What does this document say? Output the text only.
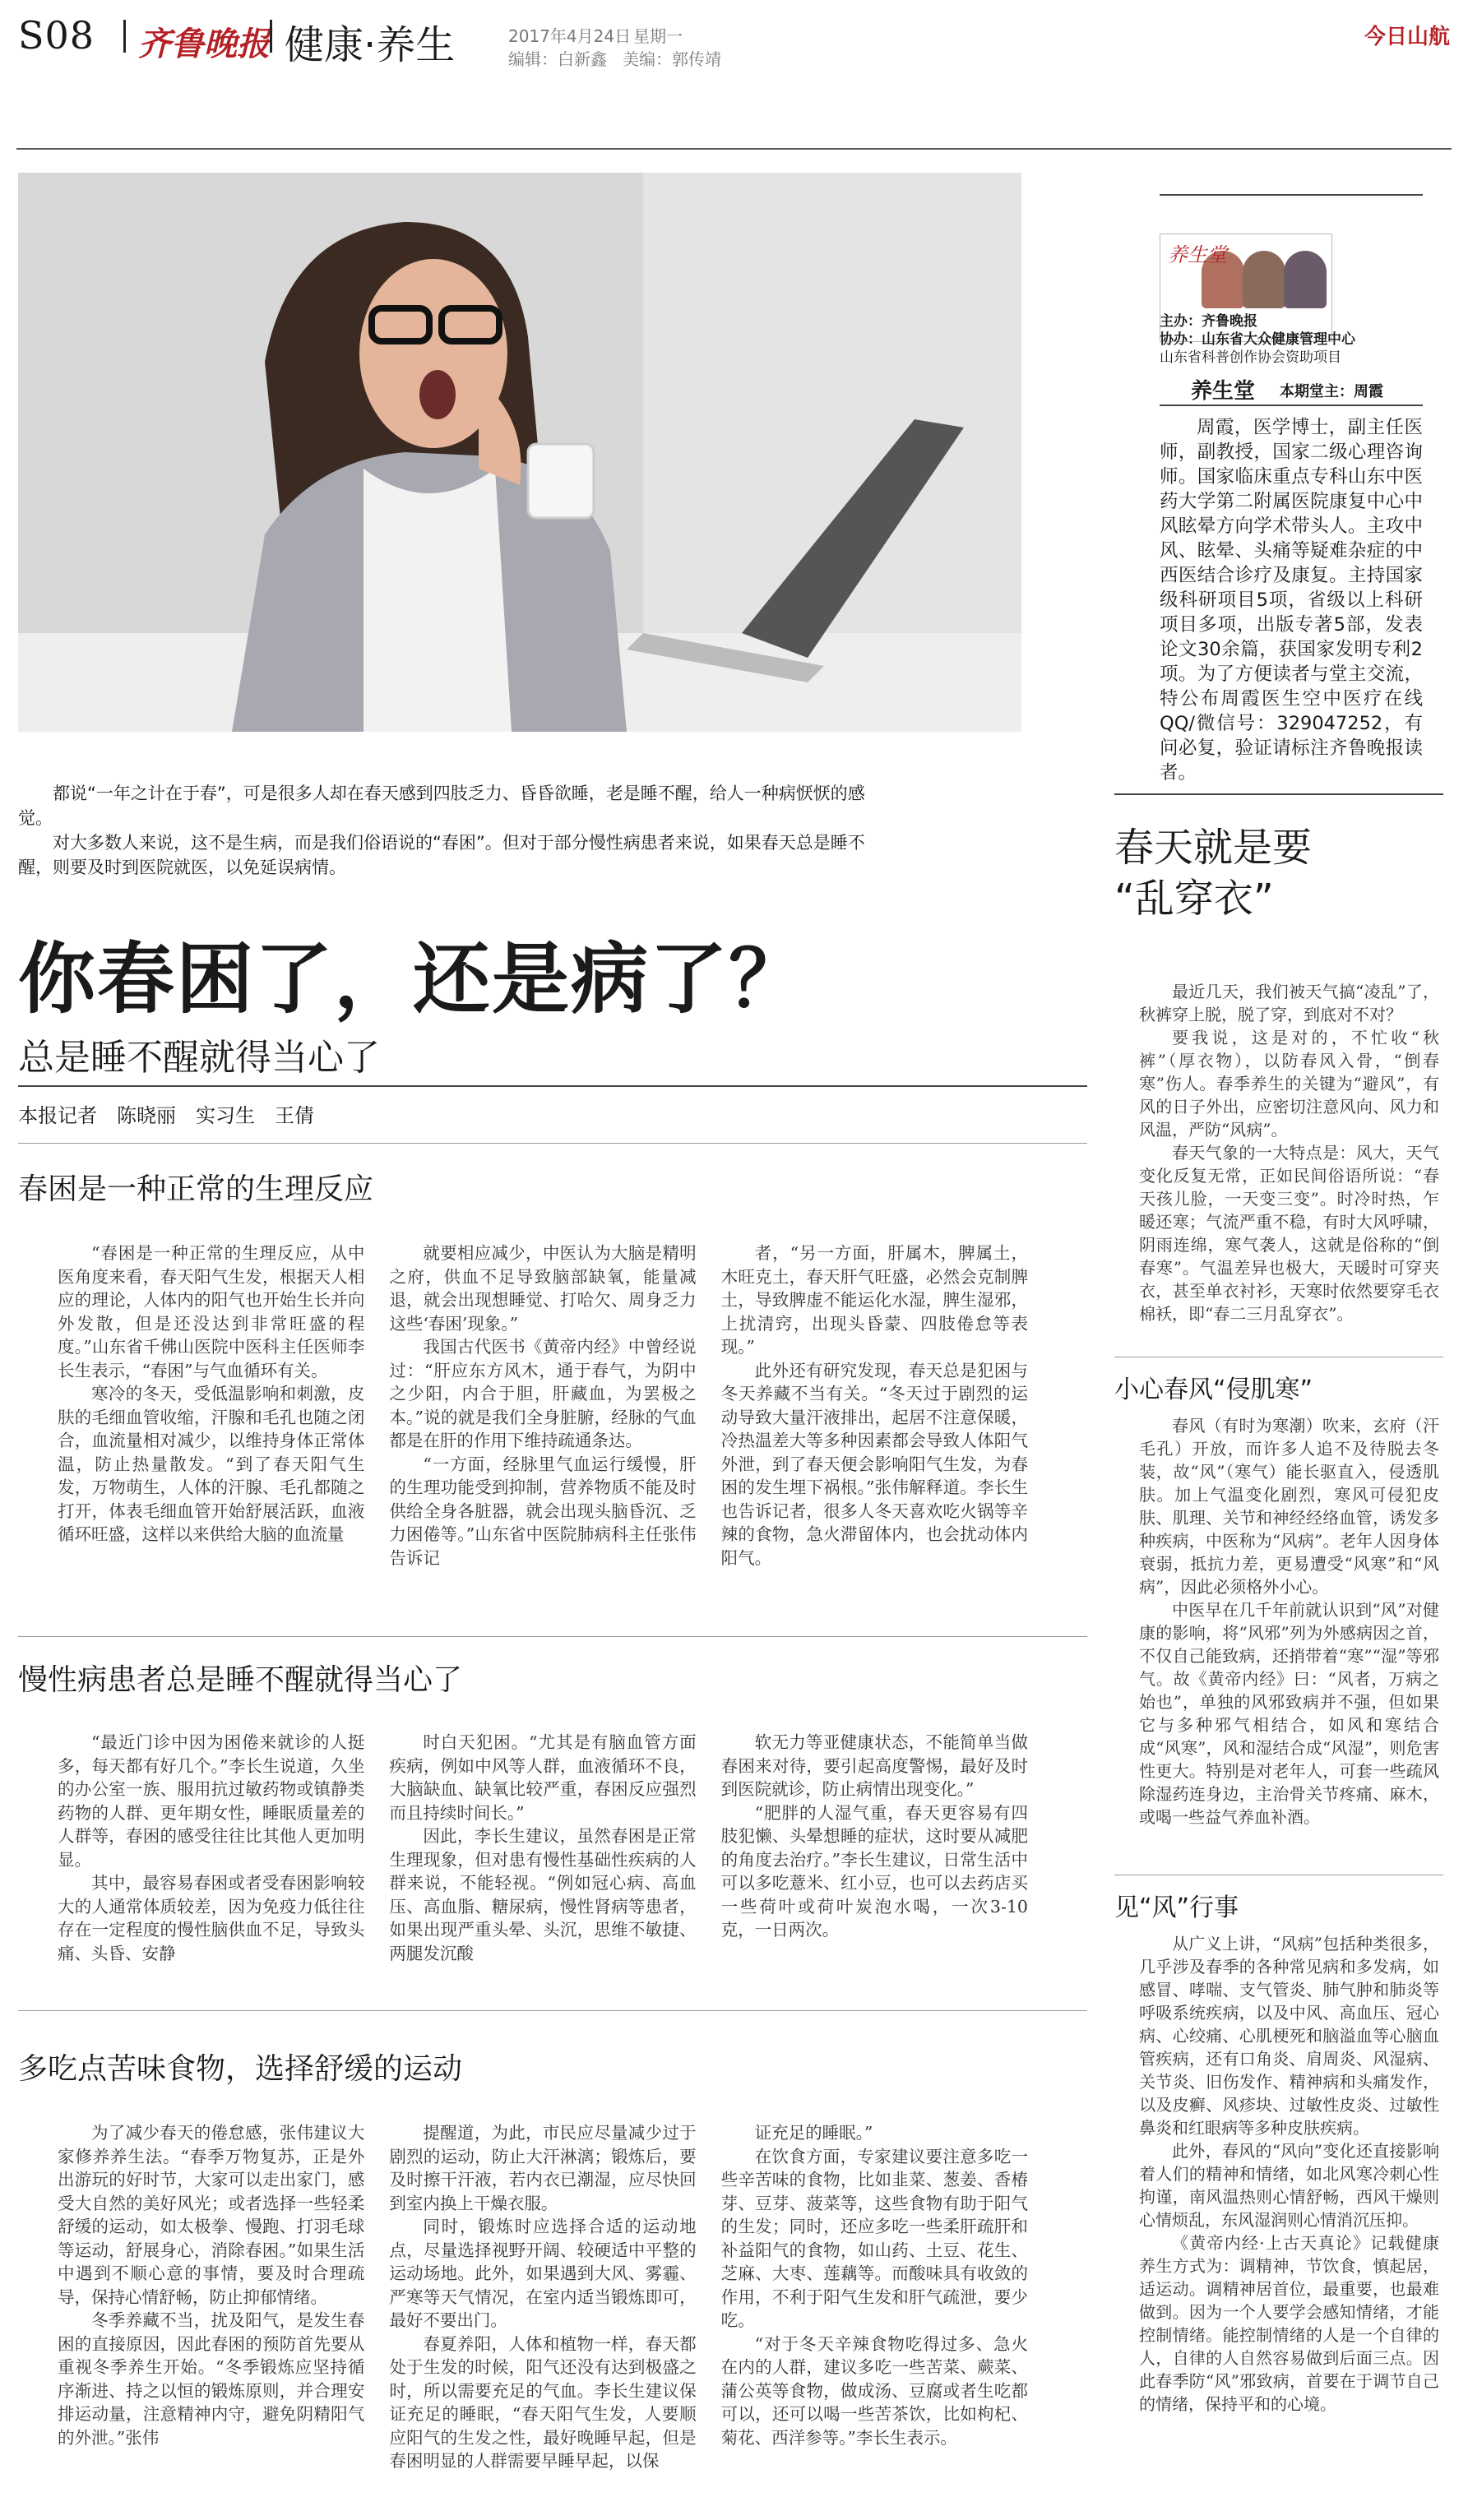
S08 齐鲁晚报 健康·养生	2017年4月24日 星期一
编辑：白新鑫 美编：郭传靖
今日山航

都说“一年之计在于春”，可是很多人却在春天感到四肢乏力、昏昏欲睡，老是睡不醒，给人一种病恹恹的感觉。

对大多数人来说，这不是生病，而是我们俗语说的“春困”。但对于部分慢性病患者来说，如果春天总是睡不醒，则要及时到医院就医，以免延误病情。

你春困了，还是病了？
总是睡不醒就得当心了
本报记者　陈晓丽　实习生　王倩
春困是一种正常的生理反应

“春困是一种正常的生理反应，从中医角度来看，春天阳气生发，根据天人相应的理论，人体内的阳气也开始生长并向外发散，但是还没达到非常旺盛的程度。”山东省千佛山医院中医科主任医师李长生表示，“春困”与气血循环有关。

寒冷的冬天，受低温影响和刺激，皮肤的毛细血管收缩，汗腺和毛孔也随之闭合，血流量相对减少，以维持身体正常体温，防止热量散发。“到了春天阳气生发，万物萌生，人体的汗腺、毛孔都随之打开，体表毛细血管开始舒展活跃，血液循环旺盛，这样以来供给大脑的血流量

就要相应减少，中医认为大脑是精明之府，供血不足导致脑部缺氧，能量减退，就会出现想睡觉、打哈欠、周身乏力这些‘春困’现象。”

我国古代医书《黄帝内经》中曾经说过：“肝应东方风木，通于春气，为阴中之少阳，内合于胆，肝藏血，为罢极之本。”说的就是我们全身脏腑，经脉的气血都是在肝的作用下维持疏通条达。

“一方面，经脉里气血运行缓慢，肝的生理功能受到抑制，营养物质不能及时供给全身各脏器，就会出现头脑昏沉、乏力困倦等。”山东省中医院肺病科主任张伟告诉记

者，“另一方面，肝属木，脾属土，木旺克土，春天肝气旺盛，必然会克制脾土，导致脾虚不能运化水湿，脾生湿邪，上扰清窍，出现头昏蒙、四肢倦怠等表现。”

此外还有研究发现，春天总是犯困与冬天养藏不当有关。“冬天过于剧烈的运动导致大量汗液排出，起居不注意保暖，冷热温差大等多种因素都会导致人体阳气外泄，到了春天便会影响阳气生发，为春困的发生埋下祸根。”张伟解释道。李长生也告诉记者，很多人冬天喜欢吃火锅等辛辣的食物，急火滞留体内，也会扰动体内阳气。

慢性病患者总是睡不醒就得当心了

“最近门诊中因为困倦来就诊的人挺多，每天都有好几个。”李长生说道，久坐的办公室一族、服用抗过敏药物或镇静类药物的人群、更年期女性，睡眠质量差的人群等，春困的感受往往比其他人更加明显。

其中，最容易春困或者受春困影响较大的人通常体质较差，因为免疫力低往往存在一定程度的慢性脑供血不足，导致头痛、头昏、安静

时白天犯困。“尤其是有脑血管方面疾病，例如中风等人群，血液循环不良，大脑缺血、缺氧比较严重，春困反应强烈而且持续时间长。”

因此，李长生建议，虽然春困是正常生理现象，但对患有慢性基础性疾病的人群来说，不能轻视。“例如冠心病、高血压、高血脂、糖尿病，慢性肾病等患者，如果出现严重头晕、头沉，思维不敏捷、两腿发沉酸

软无力等亚健康状态，不能简单当做春困来对待，要引起高度警惕，最好及时到医院就诊，防止病情出现变化。”

“肥胖的人湿气重，春天更容易有四肢犯懒、头晕想睡的症状，这时要从减肥的角度去治疗。”李长生建议，日常生活中可以多吃薏米、红小豆，也可以去药店买一些荷叶或荷叶炭泡水喝，一次3-10克，一日两次。

多吃点苦味食物，选择舒缓的运动

为了减少春天的倦怠感，张伟建议大家修养养生法。“春季万物复苏，正是外出游玩的好时节，大家可以走出家门，感受大自然的美好风光；或者选择一些轻柔舒缓的运动，如太极拳、慢跑、打羽毛球等运动，舒展身心，消除春困。”如果生活中遇到不顺心意的事情，要及时合理疏导，保持心情舒畅，防止抑郁情绪。

冬季养藏不当，扰及阳气，是发生春困的直接原因，因此春困的预防首先要从重视冬季养生开始。“冬季锻炼应坚持循序渐进、持之以恒的锻炼原则，并合理安排运动量，注意精神内守，避免阴精阳气的外泄。”张伟

提醒道，为此，市民应尽量减少过于剧烈的运动，防止大汗淋漓；锻炼后，要及时擦干汗液，若内衣已潮湿，应尽快回到室内换上干燥衣服。

同时，锻炼时应选择合适的运动地点，尽量选择视野开阔、较硬适中平整的运动场地。此外，如果遇到大风、雾霾、严寒等天气情况，在室内适当锻炼即可，最好不要出门。

春夏养阳，人体和植物一样，春天都处于生发的时候，阳气还没有达到极盛之时，所以需要充足的气血。李长生建议保证充足的睡眠，“春天阳气生发，人要顺应阳气的生发之性，最好晚睡早起，但是春困明显的人群需要早睡早起，以保

证充足的睡眠。”

在饮食方面，专家建议要注意多吃一些辛苦味的食物，比如韭菜、葱姜、香椿芽、豆芽、菠菜等，这些食物有助于阳气的生发；同时，还应多吃一些柔肝疏肝和补益阳气的食物，如山药、土豆、花生、芝麻、大枣、莲藕等。而酸味具有收敛的作用，不利于阳气生发和肝气疏泄，要少吃。

“对于冬天辛辣食物吃得过多、急火在内的人群，建议多吃一些苦菜、蕨菜、蒲公英等食物，做成汤、豆腐或者生吃都可以，还可以喝一些苦茶饮，比如枸杞、菊花、西洋参等。”李长生表示。

养生堂
主办：齐鲁晚报
协办：山东省大众健康管理中心
山东省科普创作协会资助项目
养生堂 本期堂主：周霞

周霞，医学博士，副主任医师，副教授，国家二级心理咨询师。国家临床重点专科山东中医药大学第二附属医院康复中心中风眩晕方向学术带头人。主攻中风、眩晕、头痛等疑难杂症的中西医结合诊疗及康复。主持国家级科研项目5项，省级以上科研项目多项，出版专著5部，发表论文30余篇，获国家发明专利2项。为了方便读者与堂主交流，特公布周霞医生空中医疗在线QQ/微信号：329047252，有问必复，验证请标注齐鲁晚报读者。

春天就是要
“乱穿衣”

最近几天，我们被天气搞“凌乱”了，秋裤穿上脱，脱了穿，到底对不对？

要我说，这是对的，不忙收“秋裤”（厚衣物），以防春风入骨，“倒春寒”伤人。春季养生的关键为“避风”，有风的日子外出，应密切注意风向、风力和风温，严防“风病”。

春天气象的一大特点是：风大，天气变化反复无常，正如民间俗语所说：“春天孩儿脸，一天变三变”。时冷时热，乍暖还寒；气流严重不稳，有时大风呼啸，阴雨连绵，寒气袭人，这就是俗称的“倒春寒”。气温差异也极大，天暖时可穿夹衣，甚至单衣衬衫，天寒时依然要穿毛衣棉袄，即“春二三月乱穿衣”。

小心春风“侵肌寒”

春风（有时为寒潮）吹来，玄府（汗毛孔）开放，而许多人追不及待脱去冬装，故“风”（寒气）能长驱直入，侵透肌肤。加上气温变化剧烈，寒风可侵犯皮肤、肌理、关节和神经经络血管，诱发多种疾病，中医称为“风病”。老年人因身体衰弱，抵抗力差，更易遭受“风寒”和“风病”，因此必须格外小心。

中医早在几千年前就认识到“风”对健康的影响，将“风邪”列为外感病因之首，不仅自己能致病，还捎带着“寒”“湿”等邪气。故《黄帝内经》曰：“风者，万病之始也”，单独的风邪致病并不强，但如果它与多种邪气相结合，如风和寒结合成“风寒”，风和湿结合成“风湿”，则危害性更大。特别是对老年人，可套一些疏风除湿药连身边，主治骨关节疼痛、麻木，或喝一些益气养血补酒。

见“风”行事

从广义上讲，“风病”包括种类很多，几乎涉及春季的各种常见病和多发病，如感冒、哮喘、支气管炎、肺气肿和肺炎等呼吸系统疾病，以及中风、高血压、冠心病、心绞痛、心肌梗死和脑溢血等心脑血管疾病，还有口角炎、肩周炎、风湿病、关节炎、旧伤发作、精神病和头痛发作，以及皮癣、风疹块、过敏性皮炎、过敏性鼻炎和红眼病等多种皮肤疾病。

此外，春风的“风向”变化还直接影响着人们的精神和情绪，如北风寒冷刺心性拘谨，南风温热则心情舒畅，西风干燥则心情烦乱，东风湿润则心情消沉压抑。

《黄帝内经·上古天真论》记载健康养生方式为：调精神，节饮食，慎起居，适运动。调精神居首位，最重要，也最难做到。因为一个人要学会感知情绪，才能控制情绪。能控制情绪的人是一个自律的人，自律的人自然容易做到后面三点。因此春季防“风”邪致病，首要在于调节自己的情绪，保持平和的心境。
